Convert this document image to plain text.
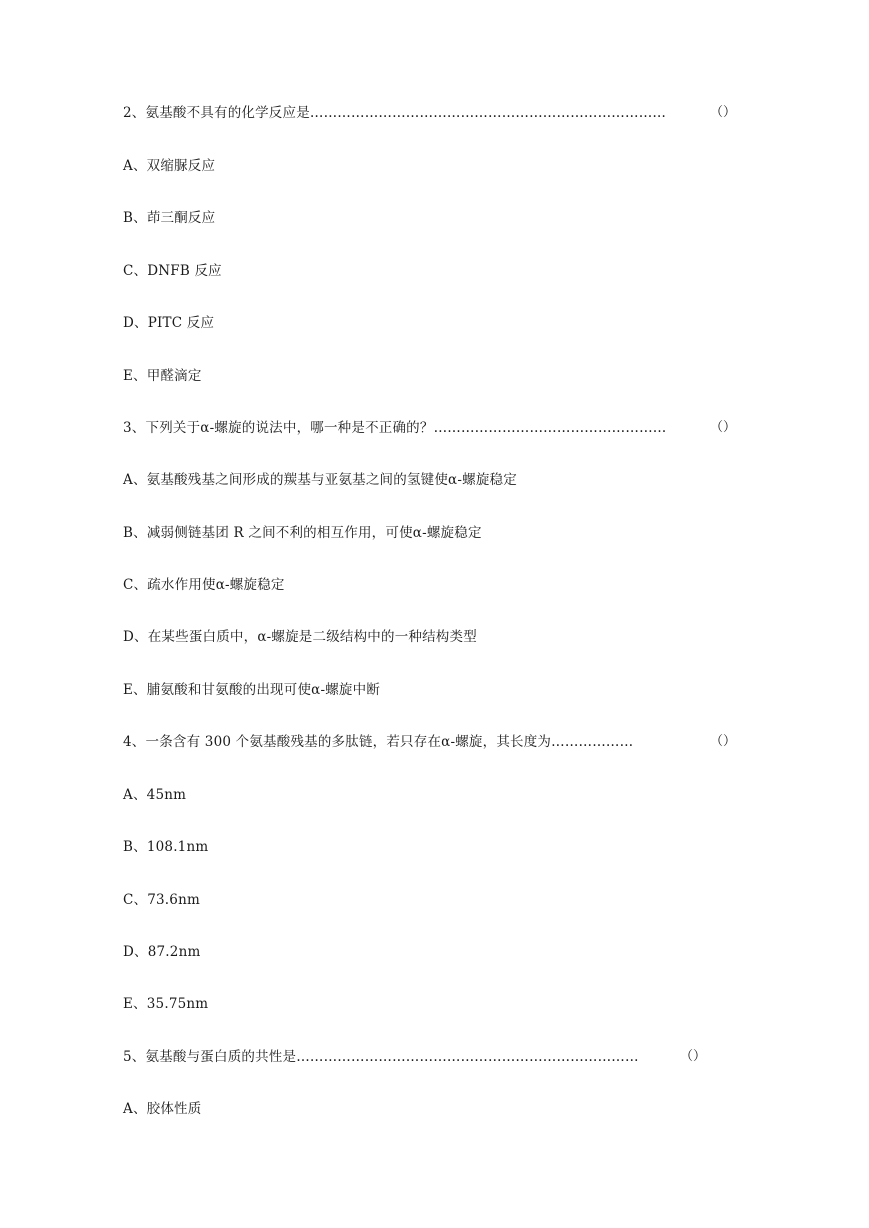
2、氨基酸不具有的化学反应是……………………………………………………………………	（）
A、双缩脲反应
B、茚三酮反应
C、DNFB 反应
D、PITC 反应
E、甲醛滴定
3、下列关于α-螺旋的说法中，哪一种是不正确的？……………………………………………	（）
A、氨基酸残基之间形成的羰基与亚氨基之间的氢键使α-螺旋稳定
B、减弱侧链基团 R 之间不利的相互作用，可使α-螺旋稳定
C、疏水作用使α-螺旋稳定
D、在某些蛋白质中，α-螺旋是二级结构中的一种结构类型
E、脯氨酸和甘氨酸的出现可使α-螺旋中断
4、一条含有 300 个氨基酸残基的多肽链，若只存在α-螺旋，其长度为………………	（）
A、45nm
B、108.1nm
C、73.6nm
D、87.2nm
E、35.75nm
5、氨基酸与蛋白质的共性是…………………………………………………………………	（）
A、胶体性质
